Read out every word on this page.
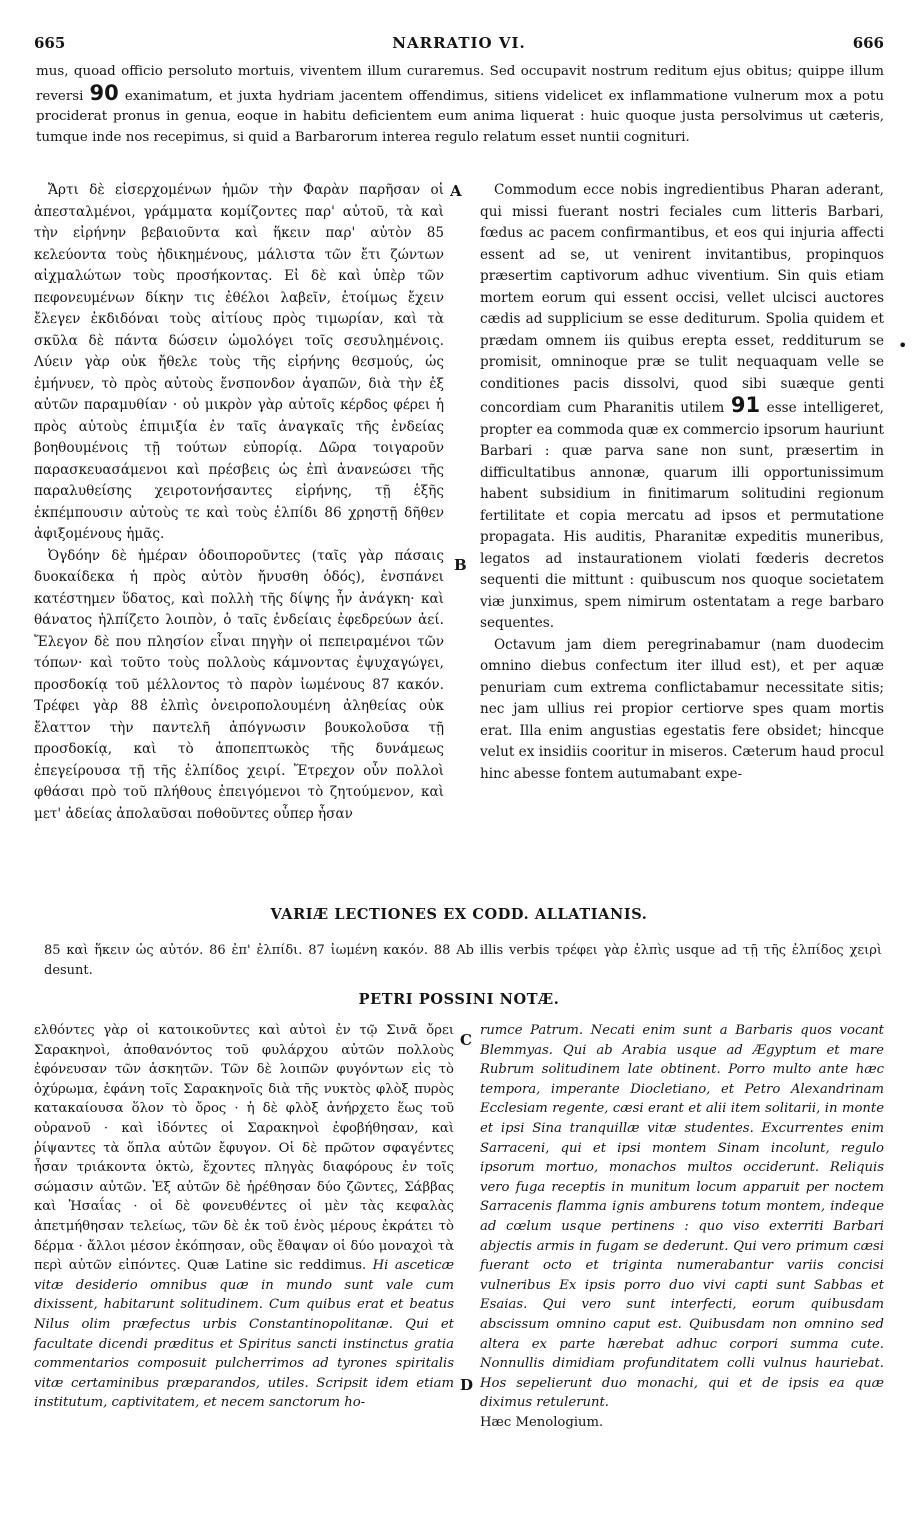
665	NARRATIO VI.	666
mus, quoad officio persoluto mortuis, viventem illum curaremus. Sed occupavit nostrum reditum ejus obitus; quippe illum reversi 90 exanimatum, et juxta hydriam jacentem offendimus, sitiens videlicet ex inflammatione vulnerum mox a potu prociderat pronus in genua, eoque in habitu deficientem eum anima liquerat : huic quoque justa persolvimus ut cæteris, tumque inde nos recepimus, si quid a Barbarorum interea regulo relatum esset nuntii cogniturі.

Ἄρτι δὲ εἰσερχομένων ἡμῶν τὴν Φαρὰν παρῆσαν οἱ ἀπεσταλμένοι, γράμματα κομίζοντες παρ' αὐτοῦ, τὰ καὶ τὴν εἰρήνην βεβαιοῦντα καὶ ἥκειν παρ' αὐτὸν 85 κελεύοντα τοὺς ἠδικημένους, μάλιστα τῶν ἔτι ζώντων αἰχμαλώτων τοὺς προσήκοντας. Εἰ δὲ καὶ ὑπὲρ τῶν πεφονευμένων δίκην τις ἐθέλοι λαβεῖν, ἑτοίμως ἔχειν ἔλεγεν ἐκδιδόναι τοὺς αἰτίους πρὸς τιμωρίαν, καὶ τὰ σκῦλα δὲ πάντα δώσειν ὡμολόγει τοῖς σεσυλημένοις. Λύειν γὰρ οὐκ ἤθελε τοὺς τῆς εἰρήνης θεσμούς, ὡς ἐμήνυεν, τὸ πρὸς αὐτοὺς ἔνσπονδον ἀγαπῶν, διὰ τὴν ἐξ αὐτῶν παραμυθίαν · οὐ μικρὸν γὰρ αὐτοῖς κέρδος φέρει ἡ πρὸς αὐτοὺς ἐπιμιξία ἐν ταῖς ἀναγκαῖς τῆς ἐνδείας βοηθουμένοις τῇ τούτων εὐπορίᾳ. Δῶρα τοιγαροῦν παρασκευασάμενοι καὶ πρέσβεις ὡς ἐπὶ ἀνανεώσει τῆς παραλυθείσης χειροτονήσαντες εἰρήνης, τῇ ἑξῆς ἐκπέμπουσιν αὐτοὺς τε καὶ τοὺς ἐλπίδι 86 χρηστῇ δῆθεν ἀφιξομένους ἡμᾶς.

Ὀγδόην δὲ ἡμέραν ὁδοιποροῦντες (ταῖς γὰρ πάσαις δυοκαίδεκα ἡ πρὸς αὐτὸν ἤνυσθη ὁδός), ἐνσπάνει κατέστημεν ὕδατος, καὶ πολλὴ τῆς δίψης ἦν ἀνάγκη· καὶ θάνατος ἠλπίζετο λοιπὸν, ὁ ταῖς ἐνδείαις ἐφεδρεύων ἀεί. Ἔλεγον δὲ που πλησίον εἶναι πηγὴν οἱ πεπειραμένοι τῶν τόπων· καὶ τοῦτο τοὺς πολλοὺς κάμνοντας ἐψυχαγώγει, προσδοκίᾳ τοῦ μέλλοντος τὸ παρὸν ἰωμένους 87 κακόν. Τρέφει γὰρ 88 ἐλπὶς ὀνειροπολουμένη ἀληθείας οὐκ ἔλαττον τὴν παντελῆ ἀπόγνωσιν βουκολοῦσα τῇ προσδοκίᾳ, καὶ τὸ ἀποπεπτωκὸς τῆς δυνάμεως ἐπεγείρουσα τῇ τῆς ἐλπίδος χειρί. Ἔτρεχον οὖν πολλοὶ φθάσαι πρὸ τοῦ πλήθους ἐπειγόμενοι τὸ ζητούμενον, καὶ μετ' ἀδείας ἀπολαῦσαι ποθοῦντες οὗπερ ἦσαν

Commodum ecce nobis ingredientibus Pharan aderant, qui missi fuerant nostri feciales cum litteris Barbari, fœdus ac pacem confirmantibus, et eos qui injuria affecti essent ad se, ut venirent invitantibus, propinquos præsertim captivorum adhuc viventium. Sin quis etiam mortem eorum qui essent occisi, vellet ulcisci auctores cædis ad supplicium se esse dediturum. Spolia quidem et prædam omnem iis quibus erepta esset, redditurum se promisit, omninoque præ se tulit nequaquam velle se conditiones pacis dissolvi, quod sibi suæque genti concordiam cum Pharanitis utilem 91 esse intelligeret, propter ea commoda quæ ex commercio ipsorum hauriunt Barbari : quæ parva sane non sunt, præsertim in difficultatibus annonæ, quarum illi opportunissimum habent subsidium in finitimarum solitudini regionum fertilitate et copia mercatu ad ipsos et permutatione propagata. His auditis, Pharanitæ expeditis muneribus, legatos ad instaurationem violati fœderis decretos sequenti die mittunt : quibuscum nos quoque societatem viæ junximus, spem nimirum ostentatam a rege barbaro sequentes.

Octavum jam diem peregrinabamur (nam duodecim omnino diebus confectum iter illud est), et per aquæ penuriam cum extrema conflictabamur necessitate sitis; nec jam ullius rei propior certiorve spes quam mortis erat. Illa enim angustias egestatis fere obsidet; hincque velut ex insidiis cooritur in miseros. Cæterum haud procul hinc abesse fontem autumabant expe-

A
B
C
D
•
VARIÆ LECTIONES EX CODD. ALLATIANIS.
85 καὶ ἥκειν ὡς αὐτόν. 86 ἐπ' ἐλπίδι. 87 ἰωμένη κακόν. 88 Ab illis verbis τρέφει γὰρ ἐλπὶς usque ad τῇ τῆς ἐλπίδος χειρὶ desunt.
PETRI POSSINI NOTÆ.
ελθόντες γὰρ οἱ κατοικοῦντες καὶ αὐτοὶ ἐν τῷ Σινᾶ ὄρει Σαρακηνοὶ, ἀποθανόντος τοῦ φυλάρχου αὐτῶν πολλοὺς ἐφόνευσαν τῶν ἀσκητῶν. Τῶν δὲ λοιπῶν φυγόντων εἰς τὸ ὀχύρωμα, ἐφάνη τοῖς Σαρακηνοῖς διὰ τῆς νυκτὸς φλὸξ πυρὸς κατακαίουσα ὅλον τὸ ὄρος · ἡ δὲ φλὸξ ἀνήρχετο ἕως τοῦ οὐρανοῦ · καὶ ἰδόντες οἱ Σαρακηνοὶ ἐφοβήθησαν, καὶ ῥίψαντες τὰ ὅπλα αὐτῶν ἔφυγον. Οἱ δὲ πρῶτον σφαγέντες ἦσαν τριάκοντα ὀκτὼ, ἔχοντες πληγὰς διαφόρους ἐν τοῖς σώμασιν αὐτῶν. Ἐξ αὐτῶν δὲ ἠρέθησαν δύο ζῶντες, Σάββας καὶ Ἠσαΐας · οἱ δὲ φονευθέντες οἱ μὲν τὰς κεφαλὰς ἀπετμήθησαν τελείως, τῶν δὲ ἐκ τοῦ ἑνὸς μέρους ἐκράτει τὸ δέρμα · ἄλλοι μέσον ἐκόπησαν, οὓς ἔθαψαν οἱ δύο μοναχοὶ τὰ περὶ αὐτῶν εἰπόντες. Quæ Latine sic reddimus. Hi asceticæ vitæ desiderio omnibus quæ in mundo sunt vale cum dixissent, habitarunt solitudinem. Cum quibus erat et beatus Nilus olim præfectus urbis Constantinopolitanæ. Qui et facultate dicendi præditus et Spiritus sancti instinctus gratia commentarios composuit pulcherrimos ad tyrones spiritalis vitæ certaminibus præparandos, utiles. Scripsit idem etiam institutum, captivitatem, et necem sanctorum ho-
rumce Patrum. Necati enim sunt a Barbaris quos vocant Blemmyas. Qui ab Arabia usque ad Ægyptum et mare Rubrum solitudinem late obtinent. Porro multo ante hæc tempora, imperante Diocletiano, et Petro Alexandrinam Ecclesiam regente, cæsi erant et alii item solitarii, in monte et ipsi Sina tranquillæ vitæ studentes. Excurrentes enim Sarraceni, qui et ipsi montem Sinam incolunt, regulo ipsorum mortuo, monachos multos occiderunt. Reliquis vero fuga receptis in munitum locum apparuit per noctem Sarracenis flamma ignis amburens totum montem, indeque ad cœlum usque pertinens : quo viso exterriti Barbari abjectis armis in fugam se dederunt. Qui vero primum cæsi fuerant octo et triginta numerabantur variis concisi vulneribus Ex ipsis porro duo vivi capti sunt Sabbas et Esaias. Qui vero sunt interfecti, eorum quibusdam abscissum omnino caput est. Quibusdam non omnino sed altera ex parte hærebat adhuc corpori summa cute. Nonnullis dimidiam profunditatem colli vulnus hauriebat. Hos sepelierunt duo monachi, qui et de ipsis ea quæ diximus retulerunt.
Hæc Menologium.
